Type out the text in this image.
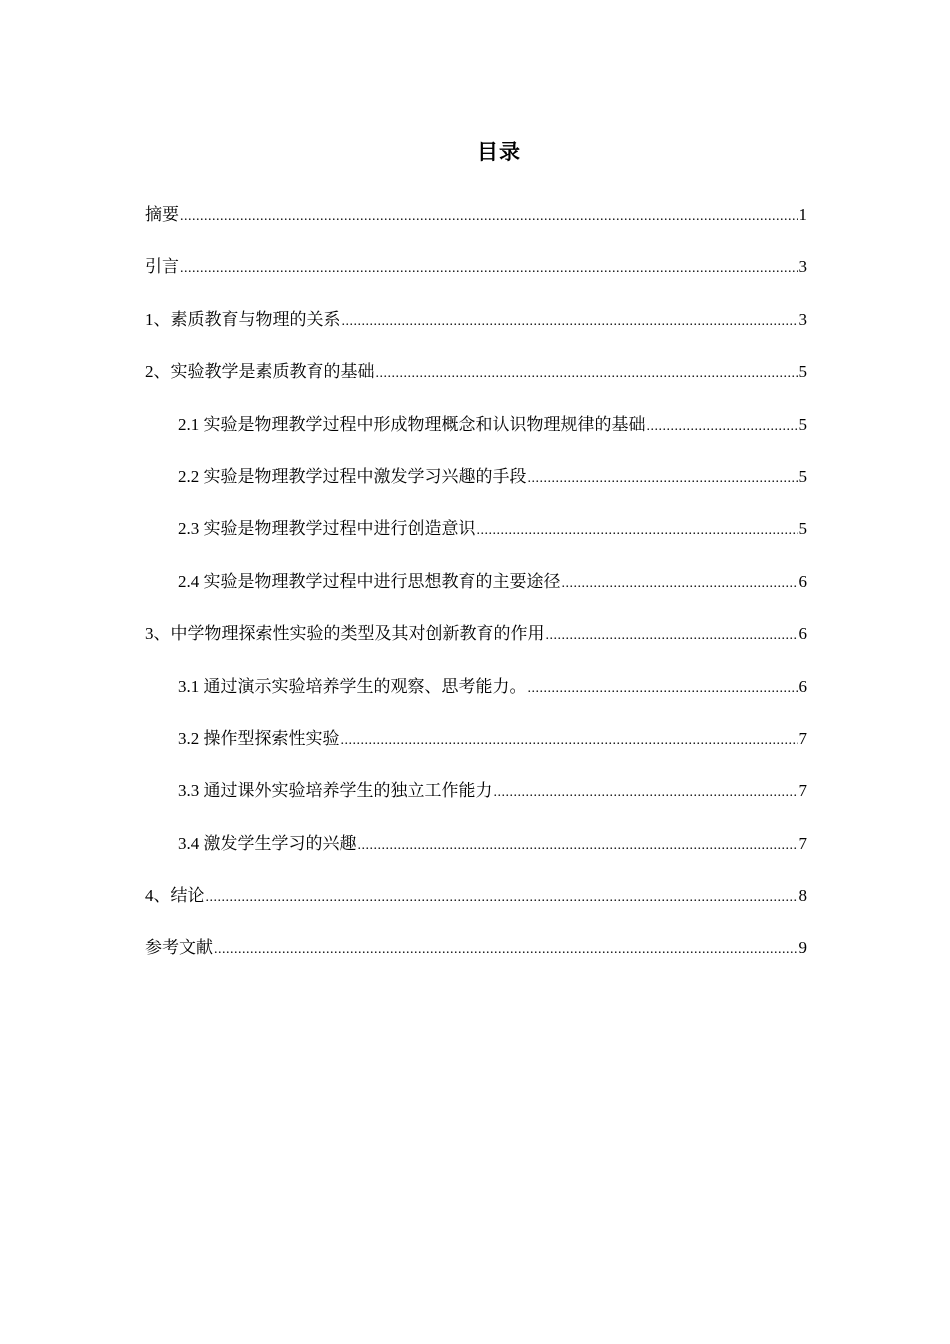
目录
摘要 .....	1
引言 .....	3
1、素质教育与物理的关系 .....	3
2、实验教学是素质教育的基础 .....	5
2.1 实验是物理教学过程中形成物理概念和认识物理规律的基础 .....	5
2.2 实验是物理教学过程中激发学习兴趣的手段 .....	5
2.3 实验是物理教学过程中进行创造意识 .....	5
2.4 实验是物理教学过程中进行思想教育的主要途径 .....	6
3、中学物理探索性实验的类型及其对创新教育的作用 .....	6
3.1 通过演示实验培养学生的观察、思考能力。 .....	6
3.2 操作型探索性实验 .....	7
3.3 通过课外实验培养学生的独立工作能力 .....	7
3.4 激发学生学习的兴趣 .....	7
4、结论 .....	8
参考文献 .....	9
